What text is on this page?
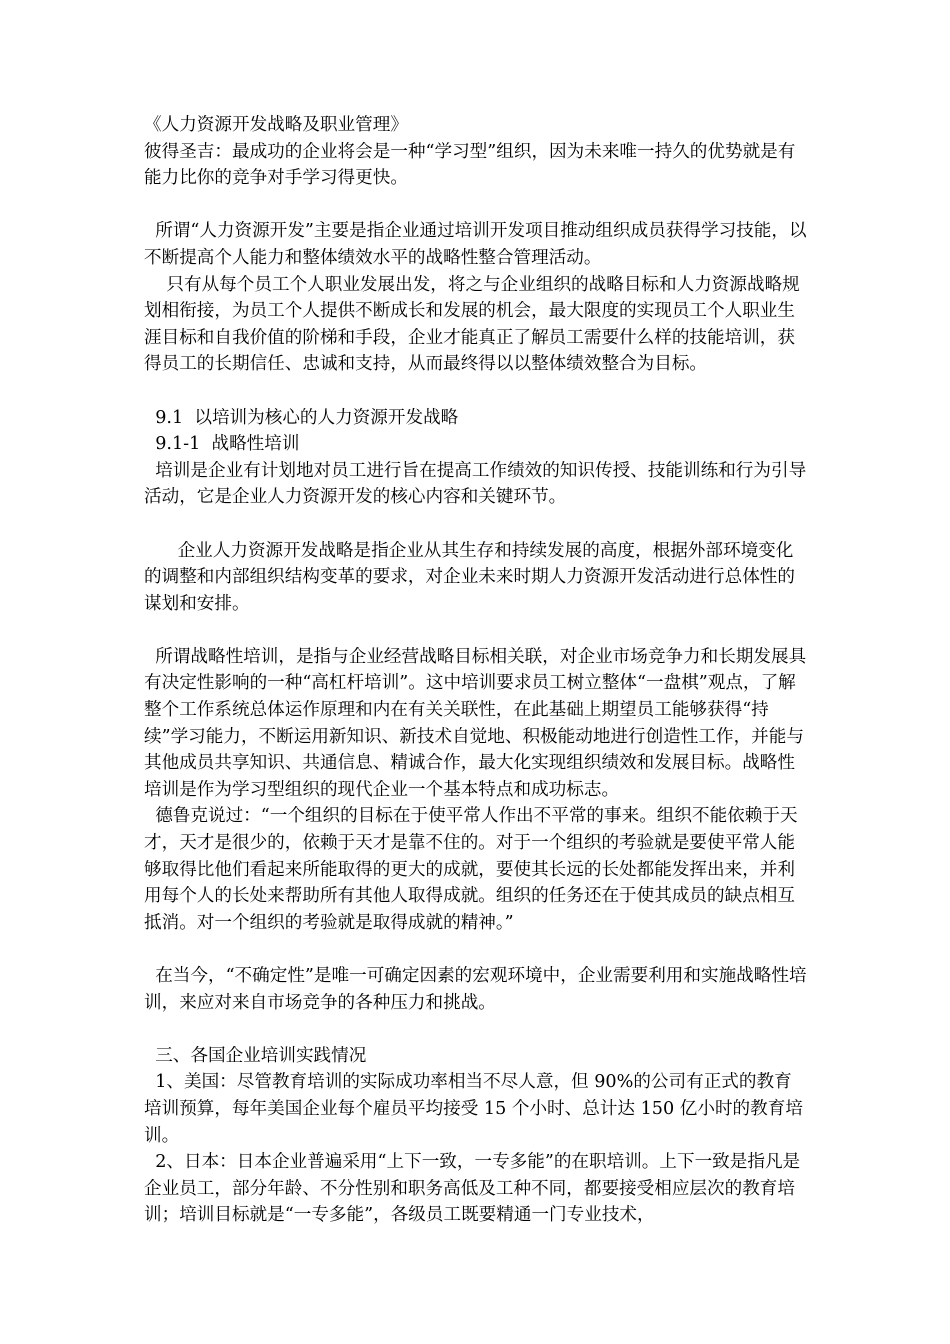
《人力资源开发战略及职业管理》

彼得圣吉：最成功的企业将会是一种“学习型”组织，因为未来唯一持久的优势就是有能力比你的竞争对手学习得更快。

所谓“人力资源开发”主要是指企业通过培训开发项目推动组织成员获得学习技能，以不断提高个人能力和整体绩效水平的战略性整合管理活动。

只有从每个员工个人职业发展出发，将之与企业组织的战略目标和人力资源战略规划相衔接，为员工个人提供不断成长和发展的机会，最大限度的实现员工个人职业生涯目标和自我价值的阶梯和手段，企业才能真正了解员工需要什么样的技能培训，获得员工的长期信任、忠诚和支持，从而最终得以以整体绩效整合为目标。

9.1  以培训为核心的人力资源开发战略

9.1-1  战略性培训

培训是企业有计划地对员工进行旨在提高工作绩效的知识传授、技能训练和行为引导活动，它是企业人力资源开发的核心内容和关键环节。

企业人力资源开发战略是指企业从其生存和持续发展的高度，根据外部环境变化的调整和内部组织结构变革的要求，对企业未来时期人力资源开发活动进行总体性的谋划和安排。

所谓战略性培训，是指与企业经营战略目标相关联，对企业市场竞争力和长期发展具有决定性影响的一种“高杠杆培训”。这中培训要求员工树立整体“一盘棋”观点，了解整个工作系统总体运作原理和内在有关关联性，在此基础上期望员工能够获得“持续”学习能力，不断运用新知识、新技术自觉地、积极能动地进行创造性工作，并能与其他成员共享知识、共通信息、精诚合作，最大化实现组织绩效和发展目标。战略性培训是作为学习型组织的现代企业一个基本特点和成功标志。

德鲁克说过：“一个组织的目标在于使平常人作出不平常的事来。组织不能依赖于天才，天才是很少的，依赖于天才是靠不住的。对于一个组织的考验就是要使平常人能够取得比他们看起来所能取得的更大的成就，要使其长远的长处都能发挥出来，并利用每个人的长处来帮助所有其他人取得成就。组织的任务还在于使其成员的缺点相互抵消。对一个组织的考验就是取得成就的精神。”

在当今，“不确定性”是唯一可确定因素的宏观环境中，企业需要利用和实施战略性培训，来应对来自市场竞争的各种压力和挑战。

三、各国企业培训实践情况

1、美国：尽管教育培训的实际成功率相当不尽人意，但 90%的公司有正式的教育培训预算，每年美国企业每个雇员平均接受 15 个小时、总计达 150 亿小时的教育培训。

2、日本：日本企业普遍采用“上下一致，一专多能”的在职培训。上下一致是指凡是企业员工，部分年龄、不分性别和职务高低及工种不同，都要接受相应层次的教育培训；培训目标就是“一专多能”，各级员工既要精通一门专业技术，
